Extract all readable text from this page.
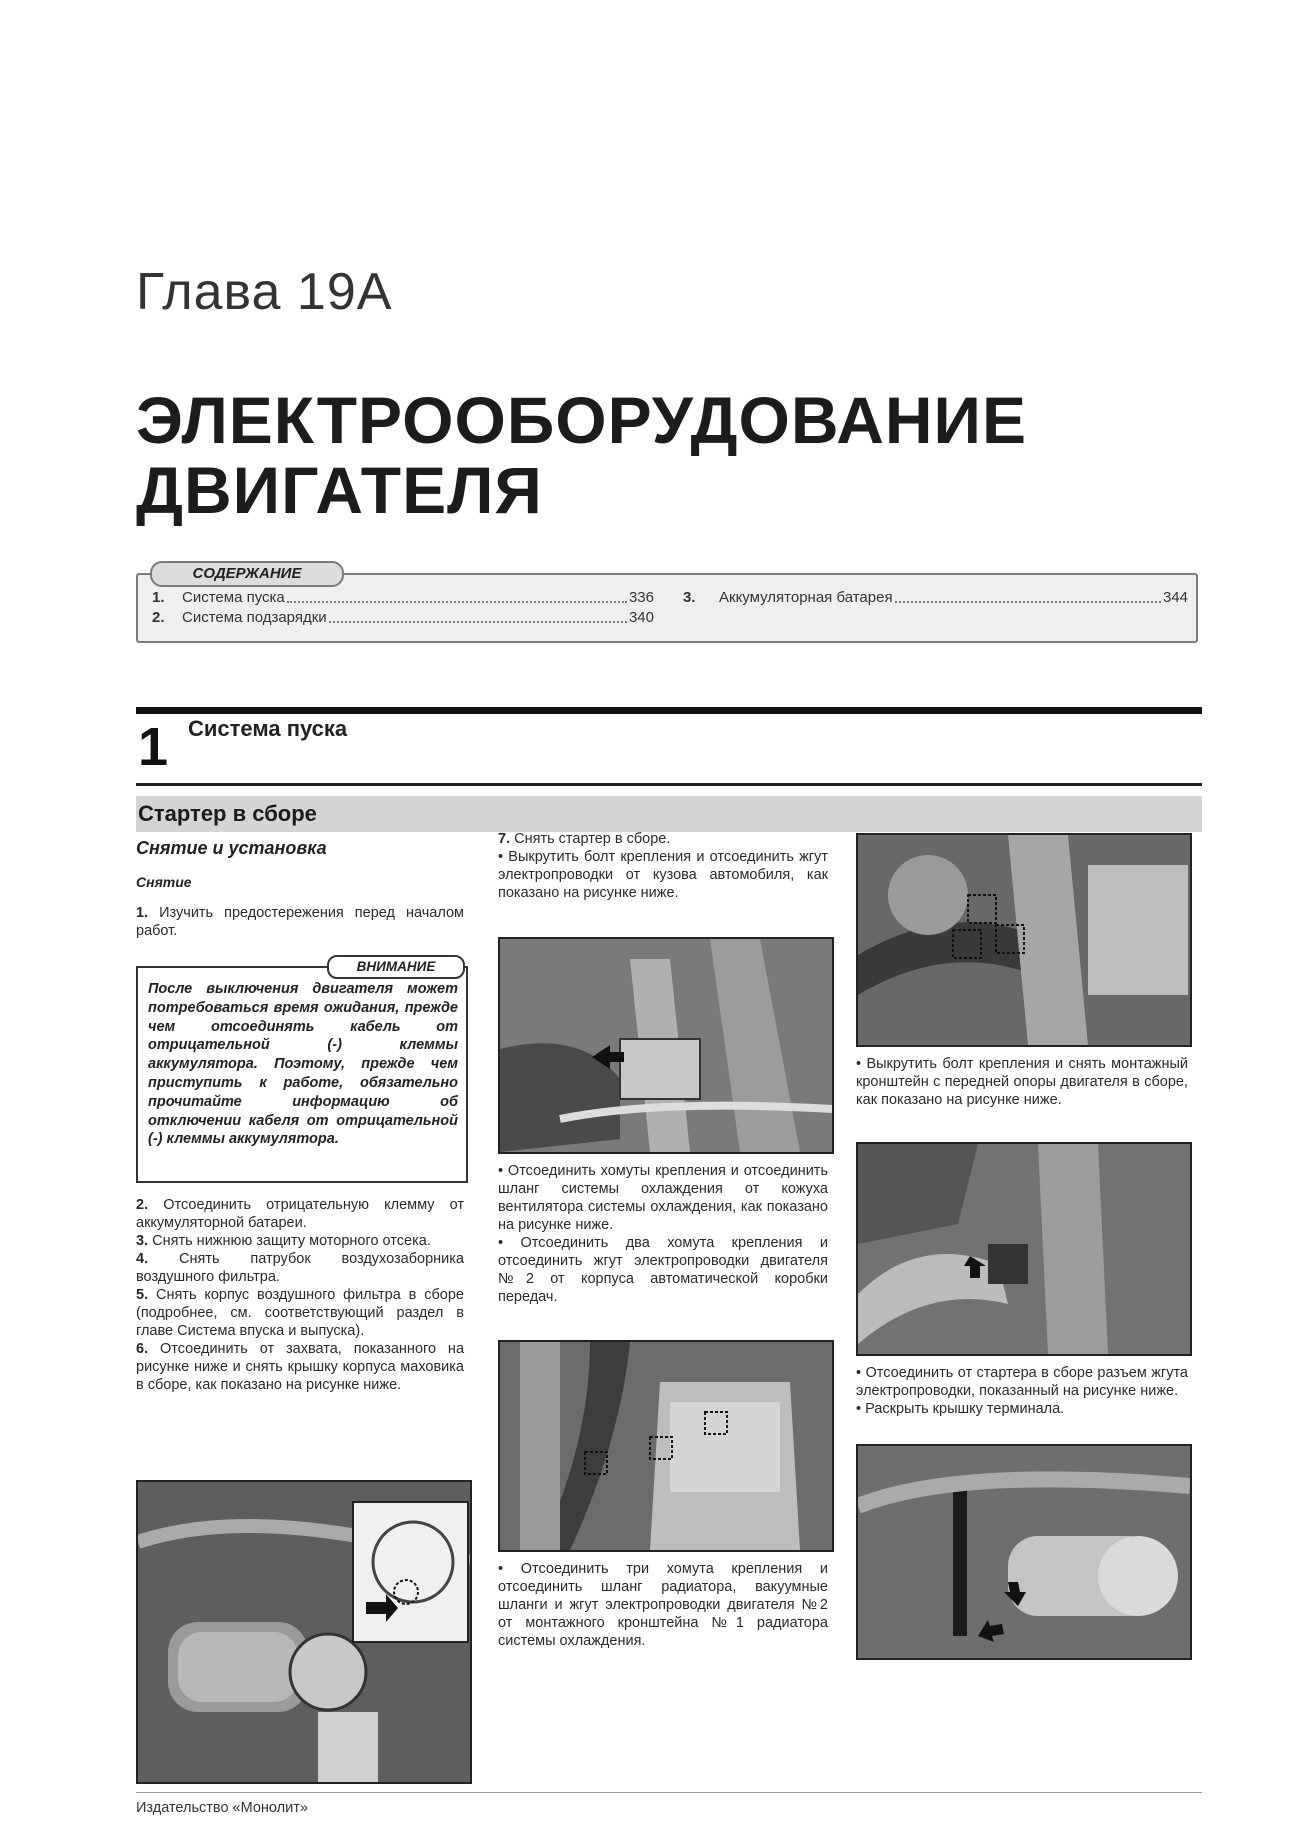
Глава 19А
ЭЛЕКТРООБОРУДОВАНИЕ
ДВИГАТЕЛЯ
СОДЕРЖАНИЕ
1.	Система пуска	336
2.	Система подзарядки	340
3.	Аккумуляторная батарея	344
1 Система пуска
Стартер в сборе
Снятие и установка
Снятие

1. Изучить предостережения перед началом работ.

ВНИМАНИЕ
После выключения двигателя может потребоваться время ожидания, прежде чем отсоединять кабель от отрицательной (-) клеммы аккумулятора. Поэтому, прежде чем приступить к работе, обязательно прочитайте информацию об отключении кабеля от отрицательной (-) клеммы аккумулятора.

2. Отсоединить отрицательную клемму от аккумуляторной батареи.

3. Снять нижнюю защиту моторного отсека.

4. Снять патрубок воздухозаборника воздушного фильтра.

5. Снять корпус воздушного фильтра в сборе (подробнее, см. соответствующий раздел в главе Система впуска и выпуска).

6. Отсоединить от захвата, показанного на рисунке ниже и снять крышку корпуса маховика в сборе, как показано на рисунке ниже.

7. Снять стартер в сборе.

• Выкрутить болт крепления и отсоединить жгут электропроводки от кузова автомобиля, как показано на рисунке ниже.

• Отсоединить хомуты крепления и отсоединить шланг системы охлаждения от кожуха вентилятора системы охлаждения, как показано на рисунке ниже.

• Отсоединить два хомута крепления и отсоединить жгут электропроводки двигателя №2 от корпуса автоматической коробки передач.

• Отсоединить три хомута крепления и отсоединить шланг радиатора, вакуумные шланги и жгут электропроводки двигателя №2 от монтажного кронштейна №1 радиатора системы охлаждения.

• Выкрутить болт крепления и снять монтажный кронштейн с передней опоры двигателя в сборе, как показано на рисунке ниже.

• Отсоединить от стартера в сборе разъем жгута электропроводки, показанный на рисунке ниже.

• Раскрыть крышку терминала.

Издательство «Монолит»
